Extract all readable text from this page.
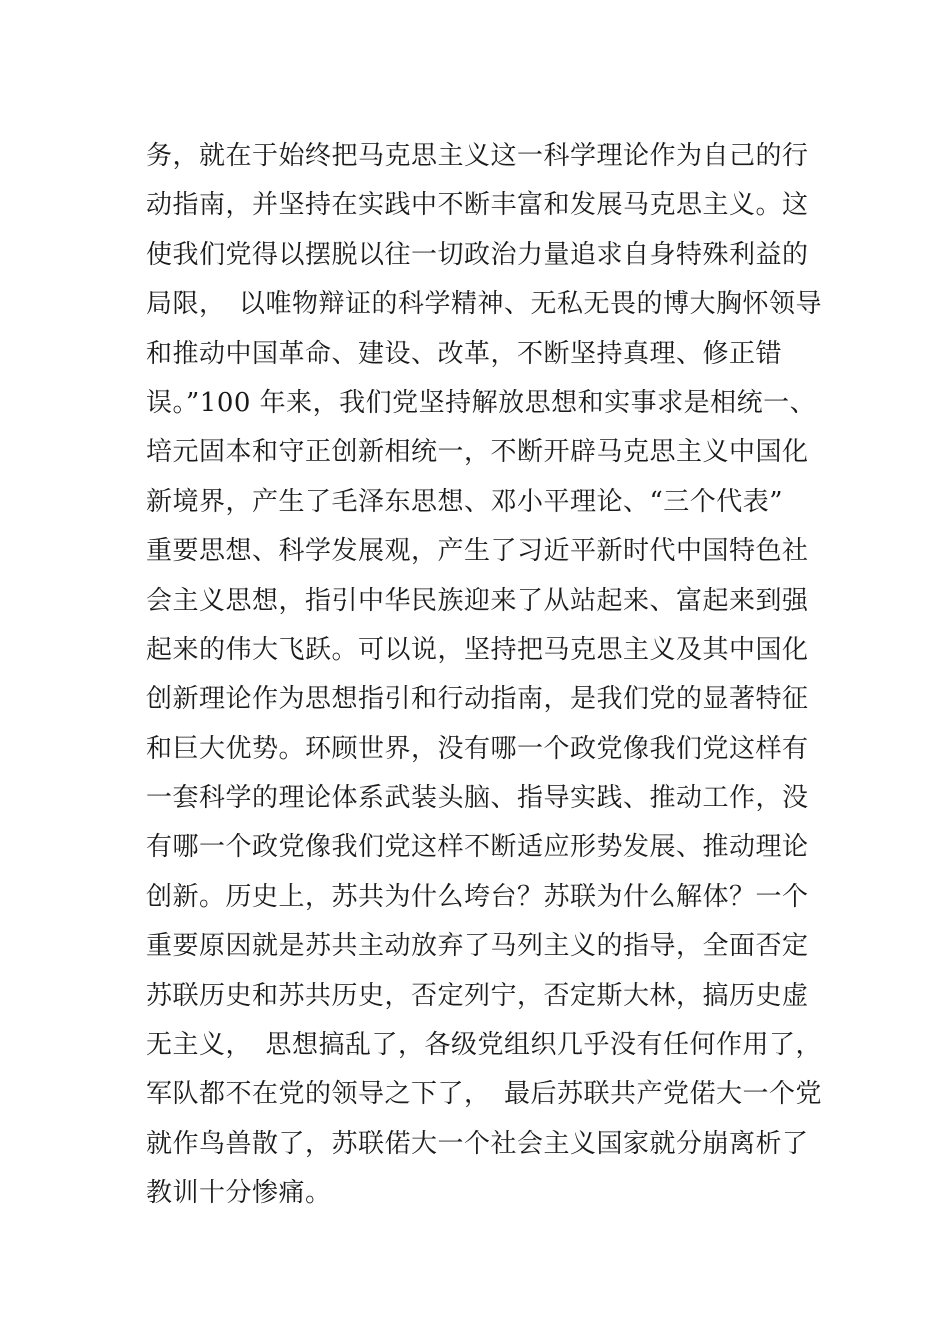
务，就在于始终把马克思主义这一科学理论作为自己的行
动指南，并坚持在实践中不断丰富和发展马克思主义。这
使我们党得以摆脱以往一切政治力量追求自身特殊利益的
局限，　以唯物辩证的科学精神、无私无畏的博大胸怀领导
和推动中国革命、建设、改革，不断坚持真理、修正错
误。”100 年来，我们党坚持解放思想和实事求是相统一、
培元固本和守正创新相统一，不断开辟马克思主义中国化
新境界，产生了毛泽东思想、邓小平理论、“三个代表”
重要思想、科学发展观，产生了习近平新时代中国特色社
会主义思想，指引中华民族迎来了从站起来、富起来到强
起来的伟大飞跃。可以说，坚持把马克思主义及其中国化
创新理论作为思想指引和行动指南，是我们党的显著特征
和巨大优势。环顾世界，没有哪一个政党像我们党这样有
一套科学的理论体系武装头脑、指导实践、推动工作，没
有哪一个政党像我们党这样不断适应形势发展、推动理论
创新。历史上，苏共为什么垮台？苏联为什么解体？一个
重要原因就是苏共主动放弃了马列主义的指导，全面否定
苏联历史和苏共历史，否定列宁，否定斯大林，搞历史虚
无主义，　思想搞乱了，各级党组织几乎没有任何作用了，
军队都不在党的领导之下了，　最后苏联共产党偌大一个党
就作鸟兽散了，苏联偌大一个社会主义国家就分崩离析了
教训十分惨痛。
